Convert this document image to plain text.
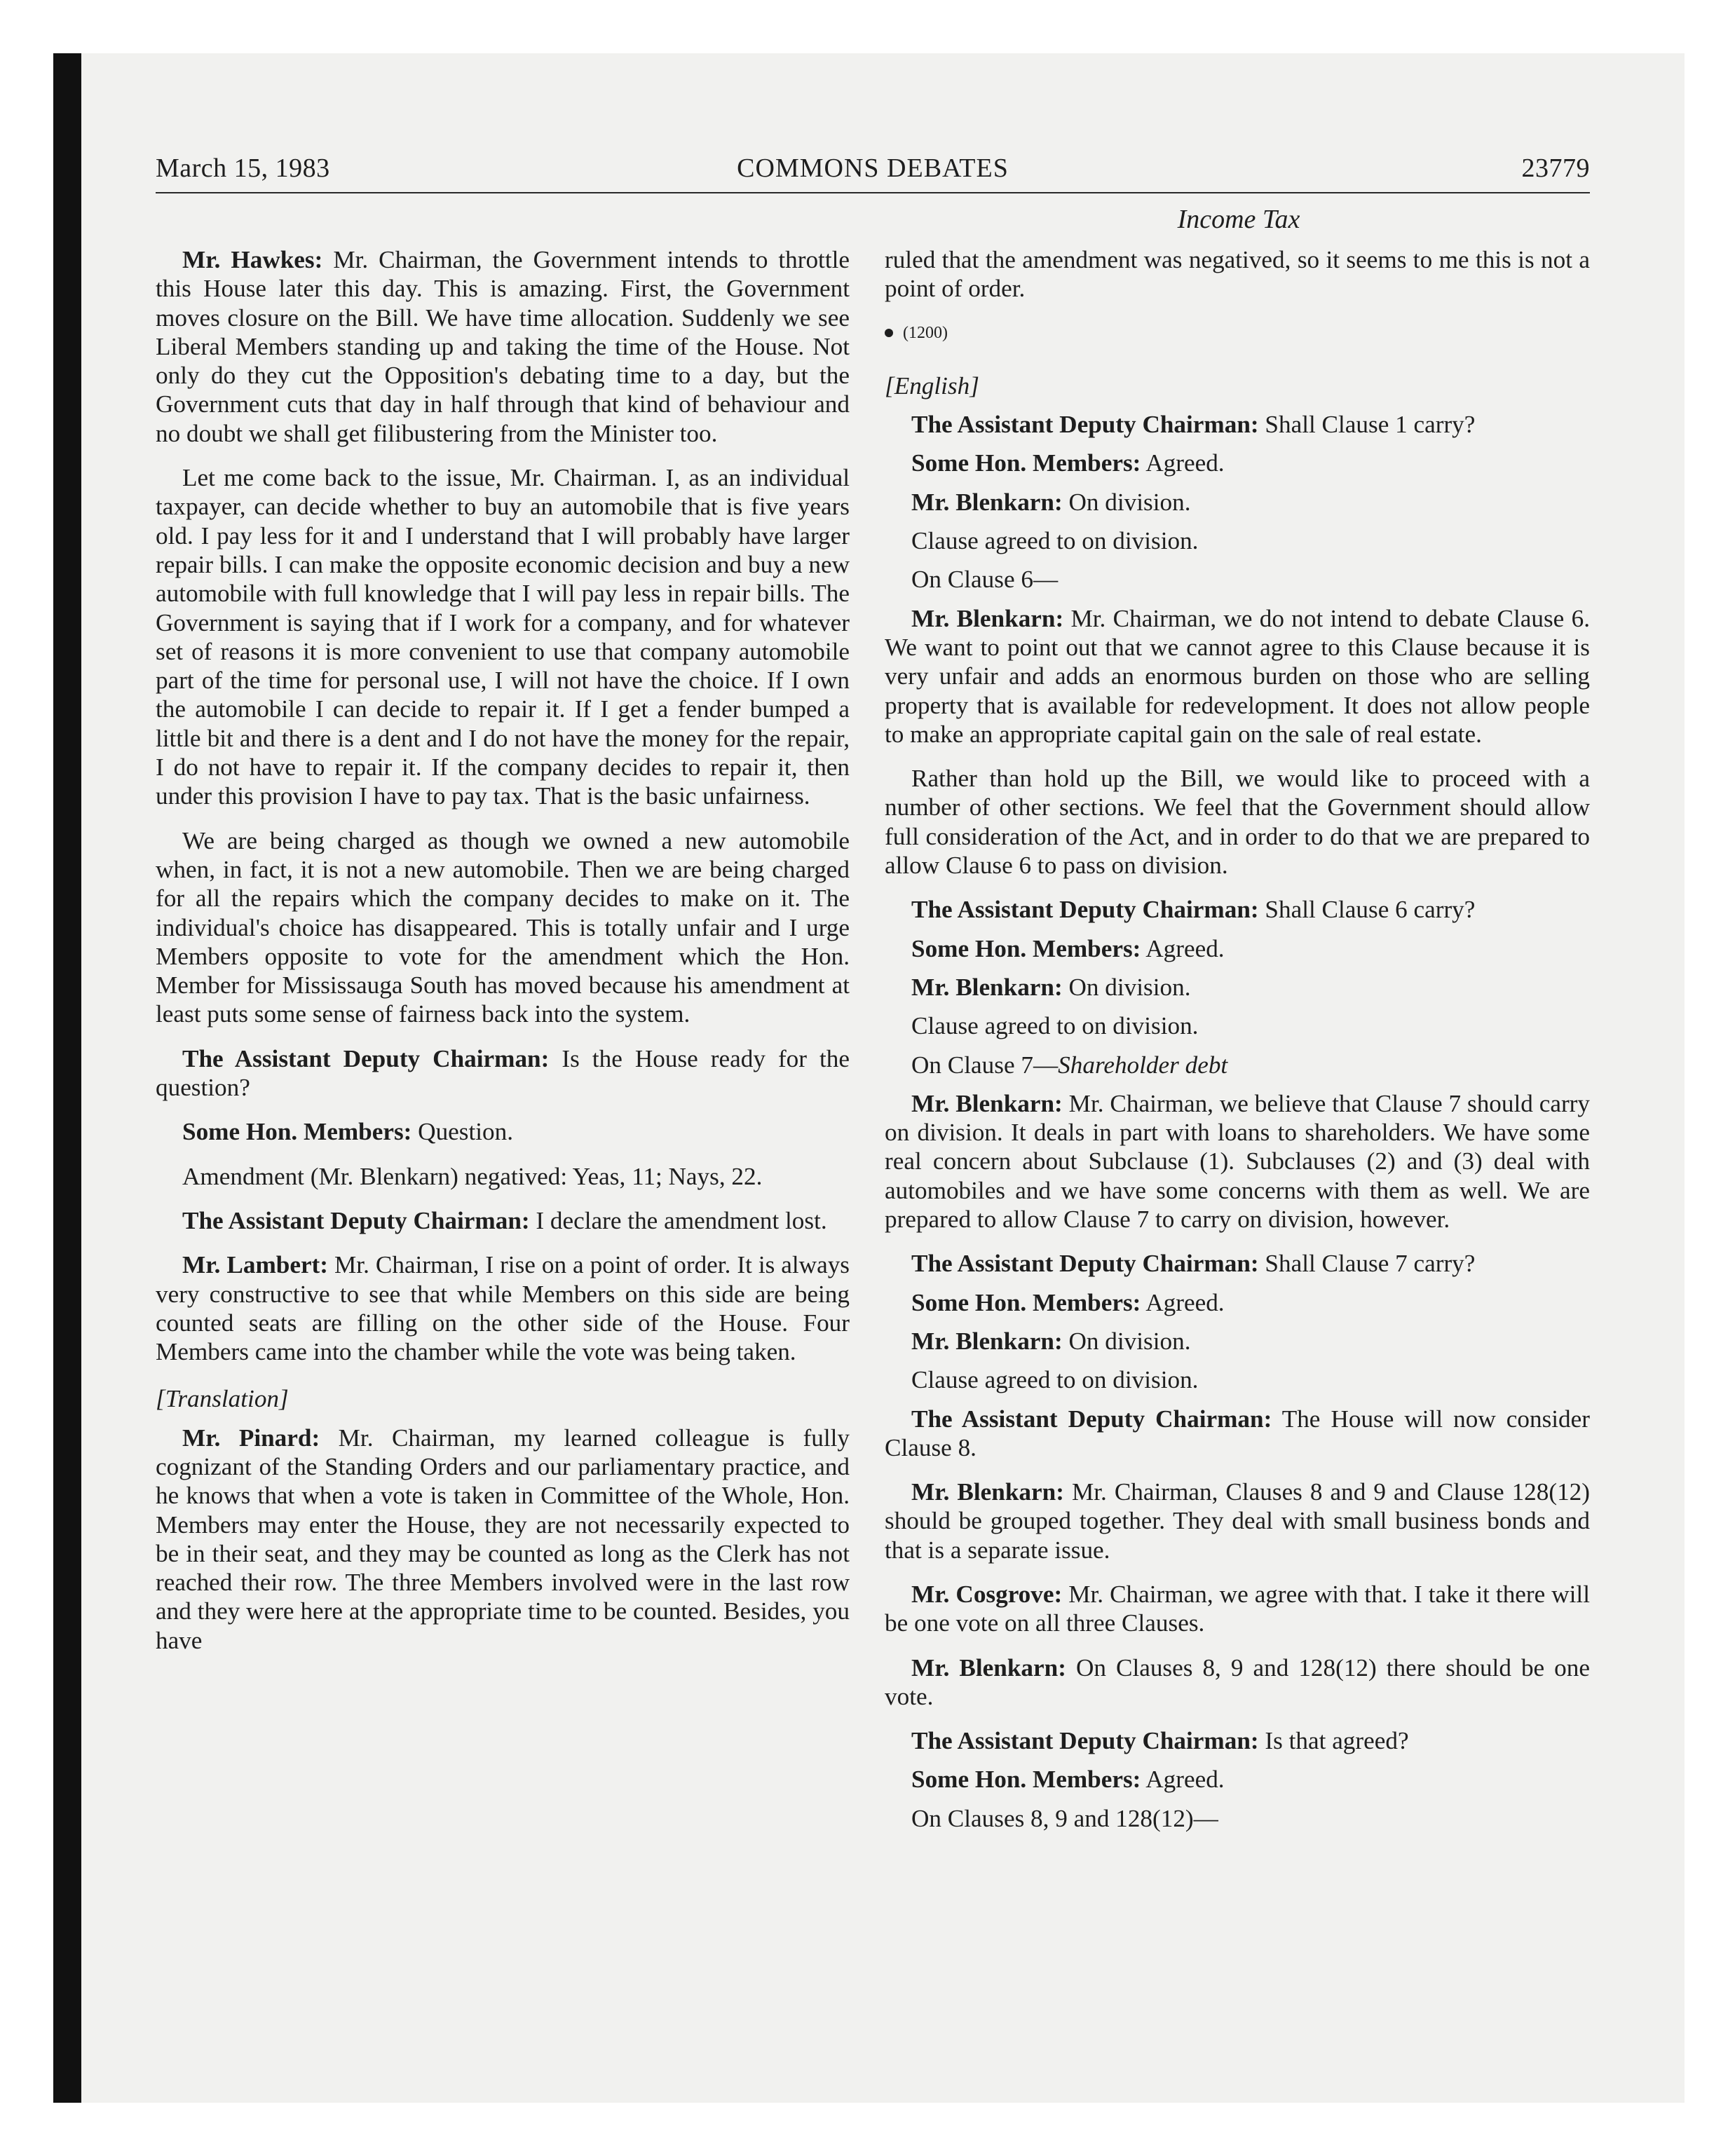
March 15, 1983	COMMONS DEBATES	23779
Income Tax

Mr. Hawkes: Mr. Chairman, the Government intends to throttle this House later this day. This is amazing. First, the Government moves closure on the Bill. We have time allocation. Suddenly we see Liberal Members standing up and taking the time of the House. Not only do they cut the Opposition's debating time to a day, but the Government cuts that day in half through that kind of behaviour and no doubt we shall get filibustering from the Minister too.

Let me come back to the issue, Mr. Chairman. I, as an individual taxpayer, can decide whether to buy an automobile that is five years old. I pay less for it and I understand that I will probably have larger repair bills. I can make the opposite economic decision and buy a new automobile with full knowledge that I will pay less in repair bills. The Government is saying that if I work for a company, and for whatever set of reasons it is more convenient to use that company automobile part of the time for personal use, I will not have the choice. If I own the automobile I can decide to repair it. If I get a fender bumped a little bit and there is a dent and I do not have the money for the repair, I do not have to repair it. If the company decides to repair it, then under this provision I have to pay tax. That is the basic unfairness.

We are being charged as though we owned a new automobile when, in fact, it is not a new automobile. Then we are being charged for all the repairs which the company decides to make on it. The individual's choice has disappeared. This is totally unfair and I urge Members opposite to vote for the amendment which the Hon. Member for Mississauga South has moved because his amendment at least puts some sense of fairness back into the system.

The Assistant Deputy Chairman: Is the House ready for the question?

Some Hon. Members: Question.

Amendment (Mr. Blenkarn) negatived: Yeas, 11; Nays, 22.

The Assistant Deputy Chairman: I declare the amendment lost.

Mr. Lambert: Mr. Chairman, I rise on a point of order. It is always very constructive to see that while Members on this side are being counted seats are filling on the other side of the House. Four Members came into the chamber while the vote was being taken.

[Translation]

Mr. Pinard: Mr. Chairman, my learned colleague is fully cognizant of the Standing Orders and our parliamentary practice, and he knows that when a vote is taken in Committee of the Whole, Hon. Members may enter the House, they are not necessarily expected to be in their seat, and they may be counted as long as the Clerk has not reached their row. The three Members involved were in the last row and they were here at the appropriate time to be counted. Besides, you have

ruled that the amendment was negatived, so it seems to me this is not a point of order.

(1200)

[English]

The Assistant Deputy Chairman: Shall Clause 1 carry?

Some Hon. Members: Agreed.

Mr. Blenkarn: On division.

Clause agreed to on division.

On Clause 6—

Mr. Blenkarn: Mr. Chairman, we do not intend to debate Clause 6. We want to point out that we cannot agree to this Clause because it is very unfair and adds an enormous burden on those who are selling property that is available for redevelopment. It does not allow people to make an appropriate capital gain on the sale of real estate.

Rather than hold up the Bill, we would like to proceed with a number of other sections. We feel that the Government should allow full consideration of the Act, and in order to do that we are prepared to allow Clause 6 to pass on division.

The Assistant Deputy Chairman: Shall Clause 6 carry?

Some Hon. Members: Agreed.

Mr. Blenkarn: On division.

Clause agreed to on division.

On Clause 7—Shareholder debt

Mr. Blenkarn: Mr. Chairman, we believe that Clause 7 should carry on division. It deals in part with loans to shareholders. We have some real concern about Subclause (1). Subclauses (2) and (3) deal with automobiles and we have some concerns with them as well. We are prepared to allow Clause 7 to carry on division, however.

The Assistant Deputy Chairman: Shall Clause 7 carry?

Some Hon. Members: Agreed.

Mr. Blenkarn: On division.

Clause agreed to on division.

The Assistant Deputy Chairman: The House will now consider Clause 8.

Mr. Blenkarn: Mr. Chairman, Clauses 8 and 9 and Clause 128(12) should be grouped together. They deal with small business bonds and that is a separate issue.

Mr. Cosgrove: Mr. Chairman, we agree with that. I take it there will be one vote on all three Clauses.

Mr. Blenkarn: On Clauses 8, 9 and 128(12) there should be one vote.

The Assistant Deputy Chairman: Is that agreed?

Some Hon. Members: Agreed.

On Clauses 8, 9 and 128(12)—
